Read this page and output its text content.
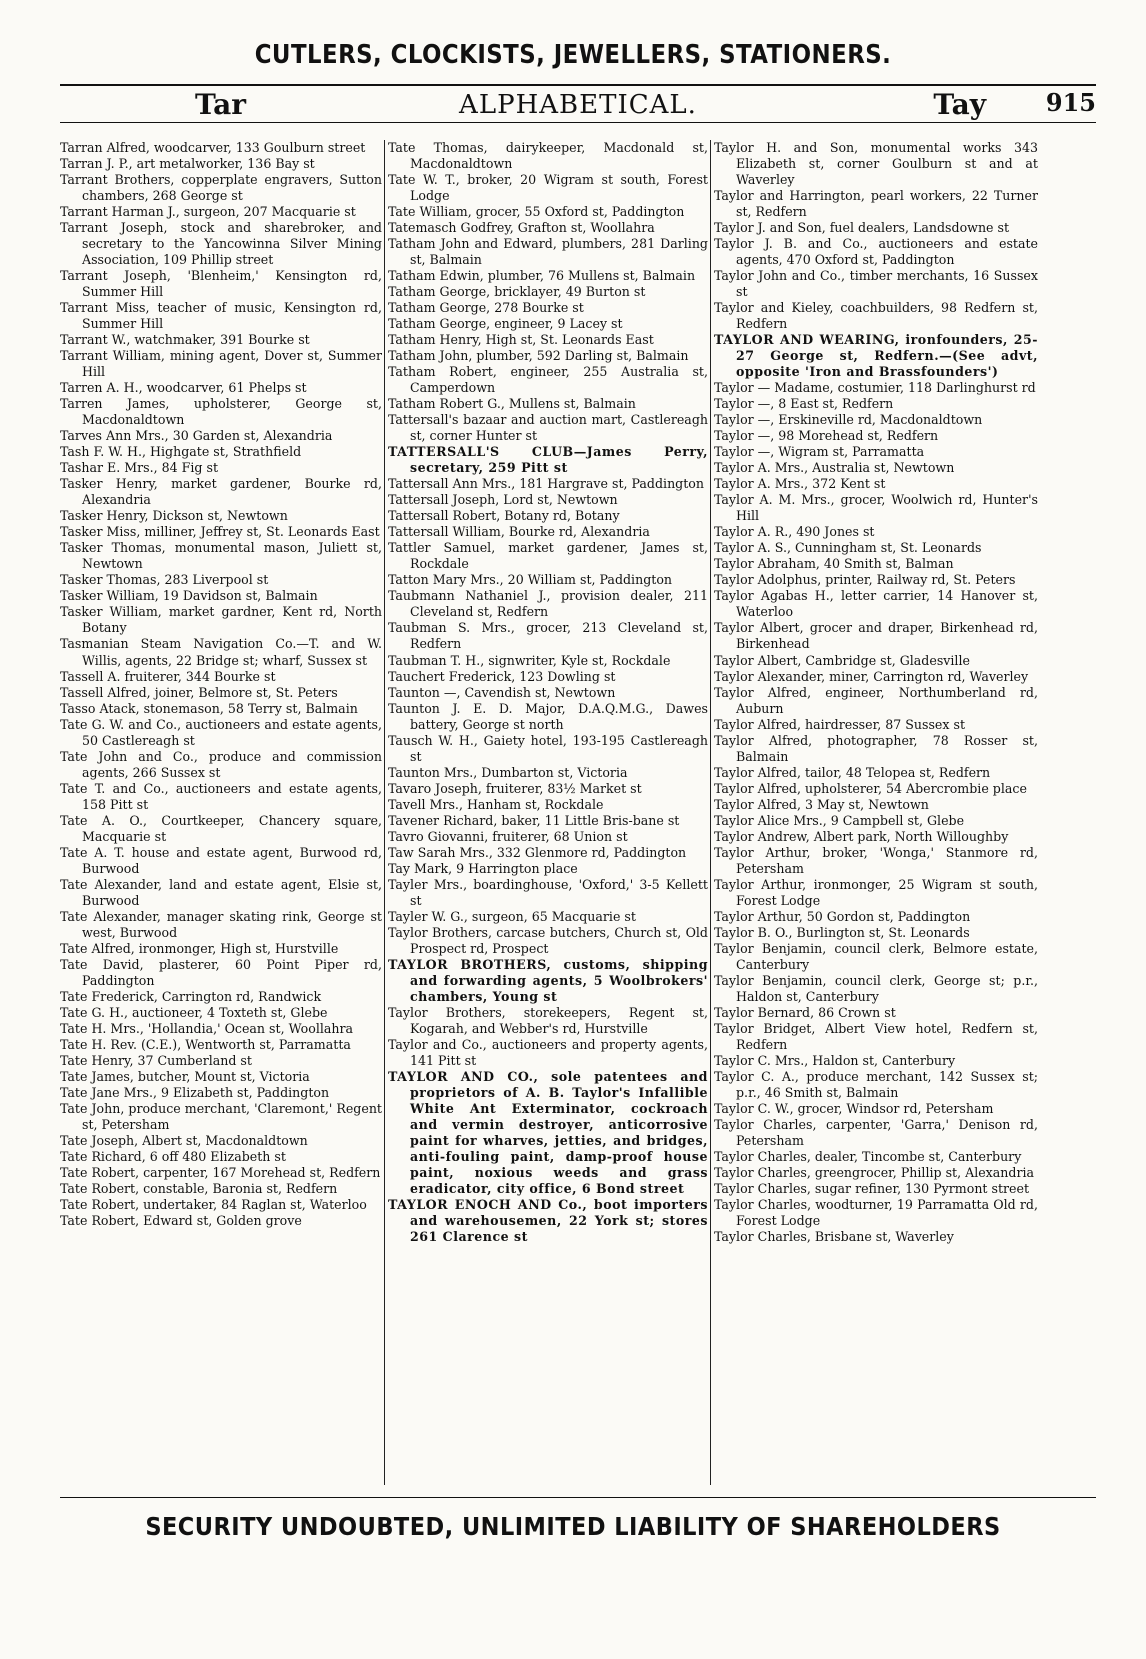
CUTLERS, CLOCKISTS, JEWELLERS, STATIONERS.
Tar	ALPHABETICAL.	Tay 915
Tarran Alfred, woodcarver, 133 Goulburn street
Tarran J. P., art metalworker, 136 Bay st
Tarrant Brothers, copperplate engravers, Sutton chambers, 268 George st
Tarrant Harman J., surgeon, 207 Macquarie st
Tarrant Joseph, stock and sharebroker, and secretary to the Yancowinna Silver Mining Association, 109 Phillip street
Tarrant Joseph, 'Blenheim,' Kensington rd, Summer Hill
Tarrant Miss, teacher of music, Kensington rd, Summer Hill
Tarrant W., watchmaker, 391 Bourke st
Tarrant William, mining agent, Dover st, Summer Hill
Tarren A. H., woodcarver, 61 Phelps st
Tarren James, upholsterer, George st, Macdonaldtown
Tarves Ann Mrs., 30 Garden st, Alexandria
Tash F. W. H., Highgate st, Strathfield
Tashar E. Mrs., 84 Fig st
Tasker Henry, market gardener, Bourke rd, Alexandria
Tasker Henry, Dickson st, Newtown
Tasker Miss, milliner, Jeffrey st, St. Leonards East
Tasker Thomas, monumental mason, Juliett st, Newtown
Tasker Thomas, 283 Liverpool st
Tasker William, 19 Davidson st, Balmain
Tasker William, market gardner, Kent rd, North Botany
Tasmanian Steam Navigation Co.—T. and W. Willis, agents, 22 Bridge st; wharf, Sussex st
Tassell A. fruiterer, 344 Bourke st
Tassell Alfred, joiner, Belmore st, St. Peters
Tasso Atack, stonemason, 58 Terry st, Balmain
Tate G. W. and Co., auctioneers and estate agents, 50 Castlereagh st
Tate John and Co., produce and commission agents, 266 Sussex st
Tate T. and Co., auctioneers and estate agents, 158 Pitt st
Tate A. O., Courtkeeper, Chancery square, Macquarie st
Tate A. T. house and estate agent, Burwood rd, Burwood
Tate Alexander, land and estate agent, Elsie st, Burwood
Tate Alexander, manager skating rink, George st west, Burwood
Tate Alfred, ironmonger, High st, Hurstville
Tate David, plasterer, 60 Point Piper rd, Paddington
Tate Frederick, Carrington rd, Randwick
Tate G. H., auctioneer, 4 Toxteth st, Glebe
Tate H. Mrs., 'Hollandia,' Ocean st, Woollahra
Tate H. Rev. (C.E.), Wentworth st, Parramatta
Tate Henry, 37 Cumberland st
Tate James, butcher, Mount st, Victoria
Tate Jane Mrs., 9 Elizabeth st, Paddington
Tate John, produce merchant, 'Claremont,' Regent st, Petersham
Tate Joseph, Albert st, Macdonaldtown
Tate Richard, 6 off 480 Elizabeth st
Tate Robert, carpenter, 167 Morehead st, Redfern
Tate Robert, constable, Baronia st, Redfern
Tate Robert, undertaker, 84 Raglan st, Waterloo
Tate Robert, Edward st, Golden grove
Tate Thomas, dairykeeper, Macdonald st, Macdonaldtown
Tate W. T., broker, 20 Wigram st south, Forest Lodge
Tate William, grocer, 55 Oxford st, Paddington
Tatemasch Godfrey, Grafton st, Woollahra
Tatham John and Edward, plumbers, 281 Darling st, Balmain
Tatham Edwin, plumber, 76 Mullens st, Balmain
Tatham George, bricklayer, 49 Burton st
Tatham George, 278 Bourke st
Tatham George, engineer, 9 Lacey st
Tatham Henry, High st, St. Leonards East
Tatham John, plumber, 592 Darling st, Balmain
Tatham Robert, engineer, 255 Australia st, Camperdown
Tatham Robert G., Mullens st, Balmain
Tattersall's bazaar and auction mart, Castlereagh st, corner Hunter st
TATTERSALL'S CLUB—James Perry, secretary, 259 Pitt st
Tattersall Ann Mrs., 181 Hargrave st, Paddington
Tattersall Joseph, Lord st, Newtown
Tattersall Robert, Botany rd, Botany
Tattersall William, Bourke rd, Alexandria
Tattler Samuel, market gardener, James st, Rockdale
Tatton Mary Mrs., 20 William st, Paddington
Taubmann Nathaniel J., provision dealer, 211 Cleveland st, Redfern
Taubman S. Mrs., grocer, 213 Cleveland st, Redfern
Taubman T. H., signwriter, Kyle st, Rockdale
Tauchert Frederick, 123 Dowling st
Taunton —, Cavendish st, Newtown
Taunton J. E. D. Major, D.A.Q.M.G., Dawes battery, George st north
Tausch W. H., Gaiety hotel, 193-195 Castlereagh st
Taunton Mrs., Dumbarton st, Victoria
Tavaro Joseph, fruiterer, 83½ Market st
Tavell Mrs., Hanham st, Rockdale
Tavener Richard, baker, 11 Little Bris-bane st
Tavro Giovanni, fruiterer, 68 Union st
Taw Sarah Mrs., 332 Glenmore rd, Paddington
Tay Mark, 9 Harrington place
Tayler Mrs., boardinghouse, 'Oxford,' 3-5 Kellett st
Tayler W. G., surgeon, 65 Macquarie st
Taylor Brothers, carcase butchers, Church st, Old Prospect rd, Prospect
TAYLOR BROTHERS, customs, shipping and forwarding agents, 5 Woolbrokers' chambers, Young st
Taylor Brothers, storekeepers, Regent st, Kogarah, and Webber's rd, Hurstville
Taylor and Co., auctioneers and property agents, 141 Pitt st
TAYLOR AND CO., sole patentees and proprietors of A. B. Taylor's Infallible White Ant Exterminator, cockroach and vermin destroyer, anticorrosive paint for wharves, jetties, and bridges, anti-fouling paint, damp-proof house paint, noxious weeds and grass eradicator, city office, 6 Bond street
TAYLOR ENOCH AND Co., boot importers and warehousemen, 22 York st; stores 261 Clarence st
Taylor H. and Son, monumental works 343 Elizabeth st, corner Goulburn st and at Waverley
Taylor and Harrington, pearl workers, 22 Turner st, Redfern
Taylor J. and Son, fuel dealers, Landsdowne st
Taylor J. B. and Co., auctioneers and estate agents, 470 Oxford st, Paddington
Taylor John and Co., timber merchants, 16 Sussex st
Taylor and Kieley, coachbuilders, 98 Redfern st, Redfern
TAYLOR AND WEARING, ironfounders, 25-27 George st, Redfern.—(See advt, opposite 'Iron and Brassfounders')
Taylor — Madame, costumier, 118 Darlinghurst rd
Taylor —, 8 East st, Redfern
Taylor —, Erskineville rd, Macdonaldtown
Taylor —, 98 Morehead st, Redfern
Taylor —, Wigram st, Parramatta
Taylor A. Mrs., Australia st, Newtown
Taylor A. Mrs., 372 Kent st
Taylor A. M. Mrs., grocer, Woolwich rd, Hunter's Hill
Taylor A. R., 490 Jones st
Taylor A. S., Cunningham st, St. Leonards
Taylor Abraham, 40 Smith st, Balman
Taylor Adolphus, printer, Railway rd, St. Peters
Taylor Agabas H., letter carrier, 14 Hanover st, Waterloo
Taylor Albert, grocer and draper, Birkenhead rd, Birkenhead
Taylor Albert, Cambridge st, Gladesville
Taylor Alexander, miner, Carrington rd, Waverley
Taylor Alfred, engineer, Northumberland rd, Auburn
Taylor Alfred, hairdresser, 87 Sussex st
Taylor Alfred, photographer, 78 Rosser st, Balmain
Taylor Alfred, tailor, 48 Telopea st, Redfern
Taylor Alfred, upholsterer, 54 Abercrombie place
Taylor Alfred, 3 May st, Newtown
Taylor Alice Mrs., 9 Campbell st, Glebe
Taylor Andrew, Albert park, North Willoughby
Taylor Arthur, broker, 'Wonga,' Stanmore rd, Petersham
Taylor Arthur, ironmonger, 25 Wigram st south, Forest Lodge
Taylor Arthur, 50 Gordon st, Paddington
Taylor B. O., Burlington st, St. Leonards
Taylor Benjamin, council clerk, Belmore estate, Canterbury
Taylor Benjamin, council clerk, George st; p.r., Haldon st, Canterbury
Taylor Bernard, 86 Crown st
Taylor Bridget, Albert View hotel, Redfern st, Redfern
Taylor C. Mrs., Haldon st, Canterbury
Taylor C. A., produce merchant, 142 Sussex st; p.r., 46 Smith st, Balmain
Taylor C. W., grocer, Windsor rd, Petersham
Taylor Charles, carpenter, 'Garra,' Denison rd, Petersham
Taylor Charles, dealer, Tincombe st, Canterbury
Taylor Charles, greengrocer, Phillip st, Alexandria
Taylor Charles, sugar refiner, 130 Pyrmont street
Taylor Charles, woodturner, 19 Parramatta Old rd, Forest Lodge
Taylor Charles, Brisbane st, Waverley
SECURITY UNDOUBTED, UNLIMITED LIABILITY OF SHAREHOLDERS
